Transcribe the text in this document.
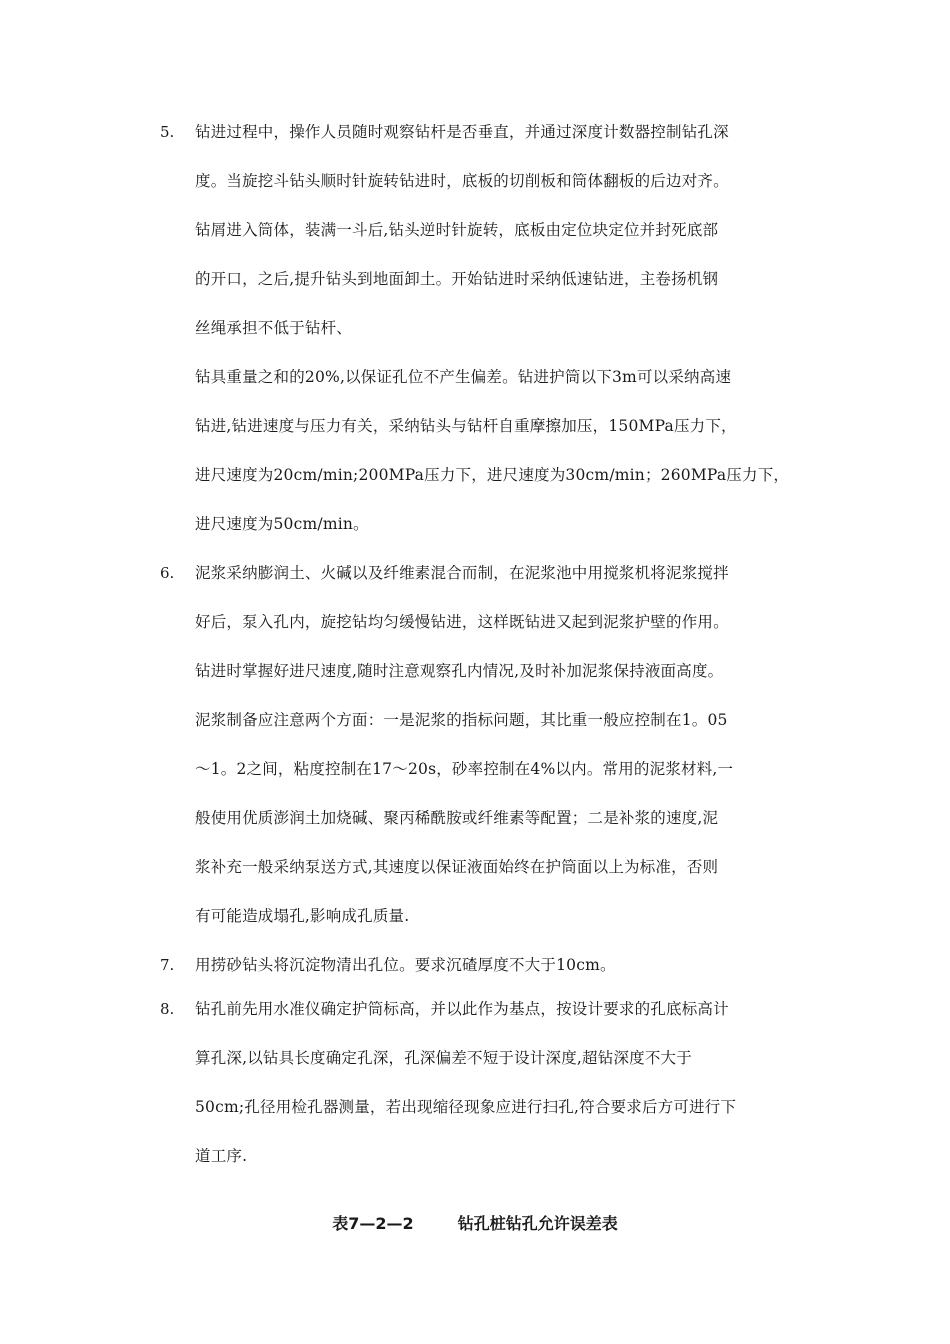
5.	钻进过程中，操作人员随时观察钻杆是否垂直，并通过深度计数器控制钻孔深
度。当旋挖斗钻头顺时针旋转钻进时，底板的切削板和筒体翻板的后边对齐。
钻屑进入筒体，装满一斗后,钻头逆时针旋转，底板由定位块定位并封死底部
的开口，之后,提升钻头到地面卸土。开始钻进时采纳低速钻进，主卷扬机钢
丝绳承担不低于钻杆、
钻具重量之和的20%,以保证孔位不产生偏差。钻进护筒以下3m可以采纳高速
钻进,钻进速度与压力有关，采纳钻头与钻杆自重摩擦加压，150MPa压力下，
进尺速度为20cm/min;200MPa压力下，进尺速度为30cm/min；260MPa压力下，
进尺速度为50cm/min。
6.	泥浆采纳膨润土、火碱以及纤维素混合而制，在泥浆池中用搅浆机将泥浆搅拌
好后，泵入孔内，旋挖钻均匀缓慢钻进，这样既钻进又起到泥浆护壁的作用。
钻进时掌握好进尺速度,随时注意观察孔内情况,及时补加泥浆保持液面高度。
泥浆制备应注意两个方面：一是泥浆的指标问题，其比重一般应控制在1。05
～1。2之间，粘度控制在17～20s，砂率控制在4%以内。常用的泥浆材料,一
般使用优质澎润土加烧碱、聚丙稀酰胺或纤维素等配置；二是补浆的速度,泥
浆补充一般采纳泵送方式,其速度以保证液面始终在护筒面以上为标准，否则
有可能造成塌孔,影响成孔质量.
7.	用捞砂钻头将沉淀物清出孔位。要求沉碴厚度不大于10cm。
8.	钻孔前先用水准仪确定护筒标高，并以此作为基点，按设计要求的孔底标高计
算孔深,以钻具长度确定孔深，孔深偏差不短于设计深度,超钻深度不大于
50cm;孔径用检孔器测量，若出现缩径现象应进行扫孔,符合要求后方可进行下
道工序.
表7—2—2	钻孔桩钻孔允许误差表
